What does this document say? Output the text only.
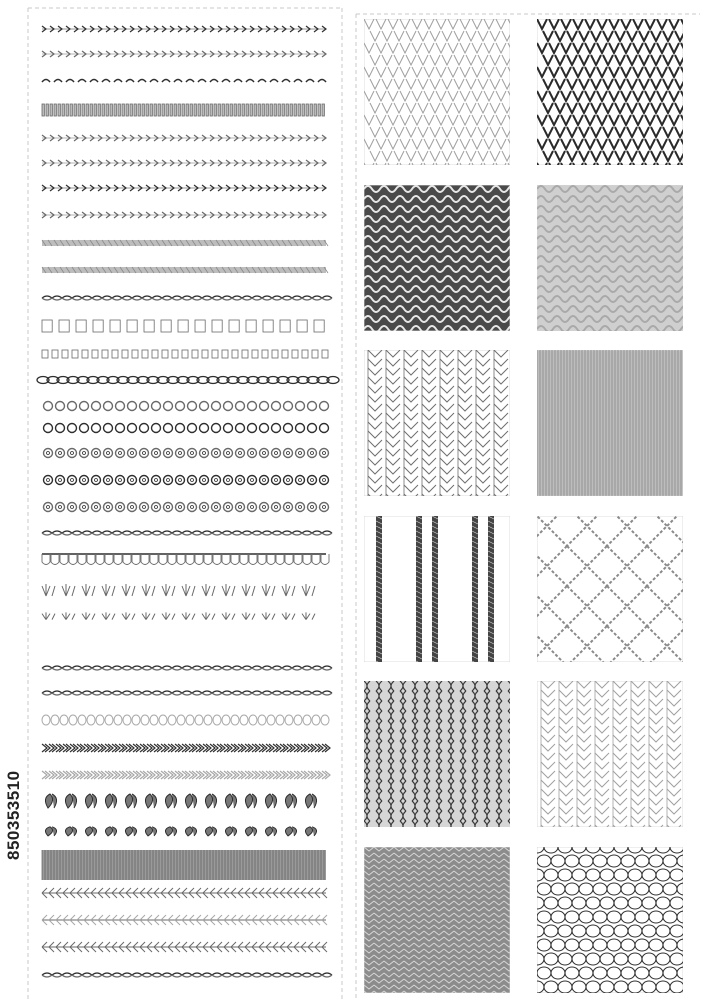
850353510
